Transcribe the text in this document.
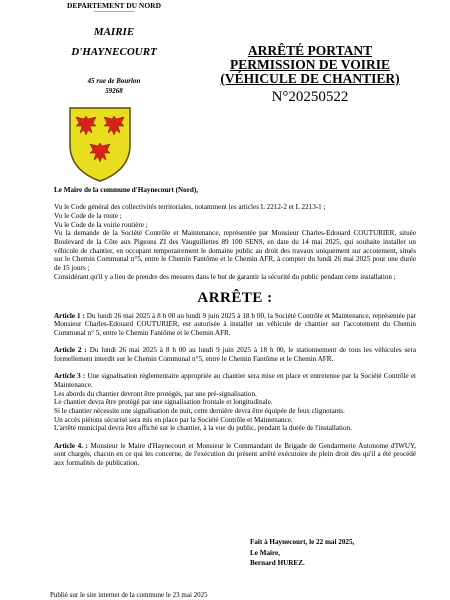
DEPARTEMENT DU NORD
--------------------
MAIRIE
D'HAYNECOURT
45 rue de Bourlon
59268
ARRÊTÉ PORTANT
PERMISSION DE VOIRIE
(VÉHICULE DE CHANTIER)
N°20250522

Le Maire de la commune d'Haynecourt (Nord),

Vu le Code général des collectivités territoriales, notamment les articles L 2212-2 et L 2213-1 ;

Vu le Code de la route ;

Vu le Code de la voirie routière ;

Vu la demande de la Société Contrôle et Maintenance, représentée par Monsieur Charles-Edouard COUTURIER, située Boulevard de la Côte aux Pigeons ZI des Vauguillettes 89 100 SENS, en date du 14 mai 2025, qui souhaite installer un véhicule de chantier, en occupant temporairement le domaine public au droit des travaux uniquement sur accotement, situés sur le Chemin Communal n°5, entre le Chemin Fantôme et le Chemin AFR, à compter du lundi 26 mai 2025 pour une durée de 15 jours ;

Considérant qu'il y a lieu de prendre des mesures dans le but de garantir la sécurité du public pendant cette installation ;

ARRÊTE :

Article 1 : Du lundi 26 mai 2025 à 8 h 00 au lundi 9 juin 2025 à 18 h 00, la Société Contrôle et Maintenance, représentée par Monsieur Charles-Edouard COUTURIER, est autorisée à installer un véhicule de chantier sur l'accotement du Chemin Communal n° 5, entre le Chemin Fantôme et le Chemin AFR.

Article 2 : Du lundi 26 mai 2025 à 8 h 00 au lundi 9 juin 2025 à 18 h 00, le stationnement de tous les véhicules sera formellement interdit sur le Chemin Communal n°5, entre le Chemin Fantôme et le Chemin AFR.

Article 3 : Une signalisation réglementaire appropriée au chantier sera mise en place et entretenue par la Société Contrôle et Maintenance.

Les abords du chantier devront être protégés, par une pré-signalisation.

Le chantier devra être protégé par une signalisation frontale et longitudinale.

Si le chantier nécessite une signalisation de nuit, cette dernière devra être équipée de feux clignotants.

Un accès piétons sécurisé sera mis en place par la Société Contrôle et Maintenance.

L'arrêté municipal devra être affiché sur le chantier, à la vue du public, pendant la durée de l'installation.

Article 4. : Monsieur le Maire d'Haynecourt et Monsieur le Commandant de Brigade de Gendarmerie Autonome d'IWUY, sont chargés, chacun en ce qui les concerne, de l'exécution du présent arrêté exécutoire de plein droit dès qu'il a été procédé aux formalités de publication.

Fait à Haynecourt, le 22 mai 2025,
Le Maire,
Bernard HUREZ.
Publié sur le site internet de la commune le 23 mai 2025
